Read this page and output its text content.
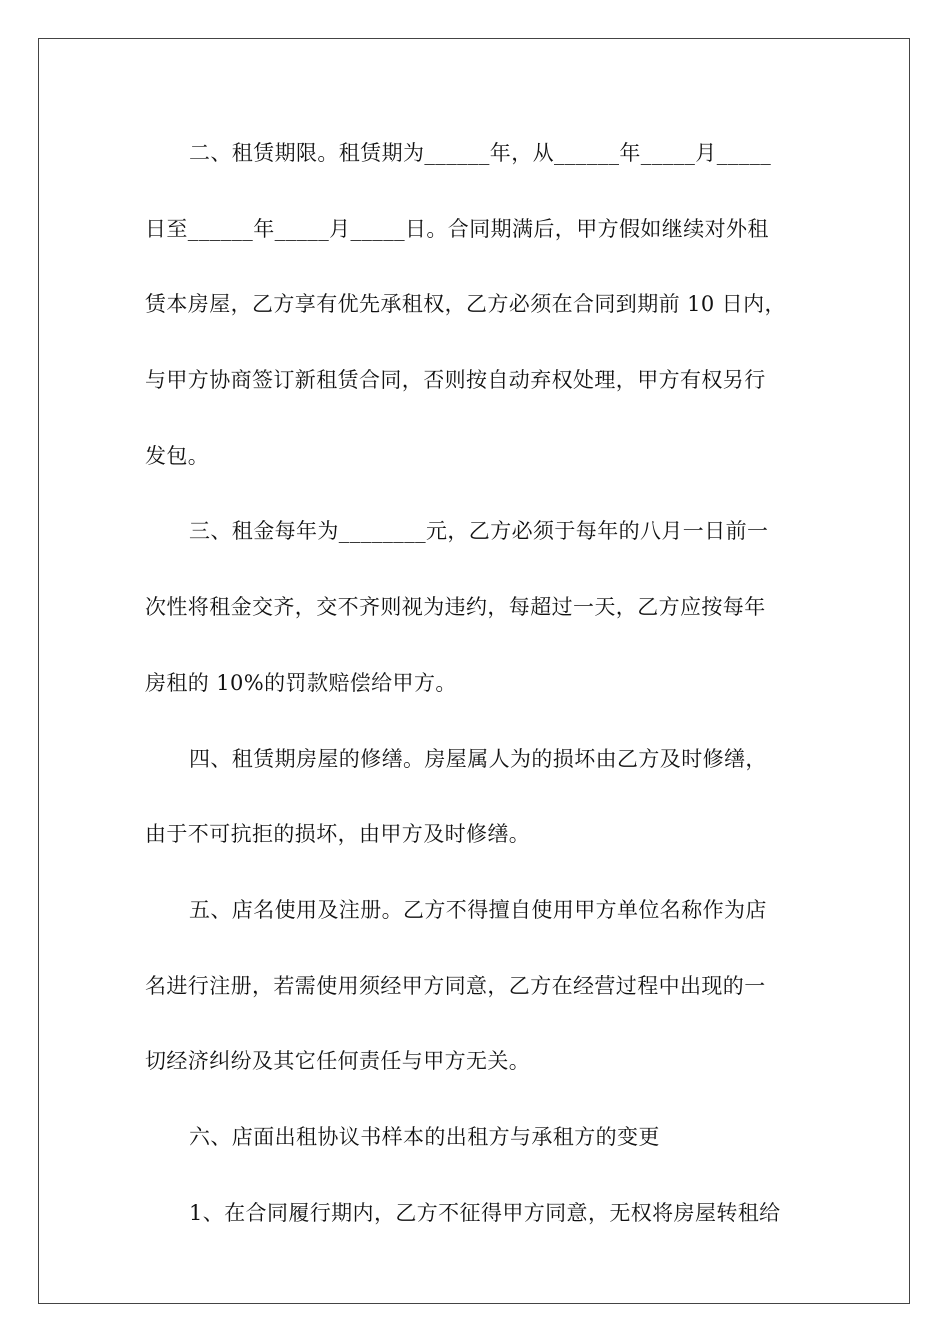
二、租赁期限。租赁期为______年，从______年_____月_____
日至______年_____月_____日。合同期满后，甲方假如继续对外租
赁本房屋，乙方享有优先承租权，乙方必须在合同到期前 10 日内，
与甲方协商签订新租赁合同，否则按自动弃权处理，甲方有权另行
发包。
三、租金每年为________元，乙方必须于每年的八月一日前一
次性将租金交齐，交不齐则视为违约，每超过一天，乙方应按每年
房租的 10%的罚款赔偿给甲方。
四、租赁期房屋的修缮。房屋属人为的损坏由乙方及时修缮，
由于不可抗拒的损坏，由甲方及时修缮。
五、店名使用及注册。乙方不得擅自使用甲方单位名称作为店
名进行注册，若需使用须经甲方同意，乙方在经营过程中出现的一
切经济纠纷及其它任何责任与甲方无关。
六、店面出租协议书样本的出租方与承租方的变更
1、在合同履行期内，乙方不征得甲方同意，无权将房屋转租给
